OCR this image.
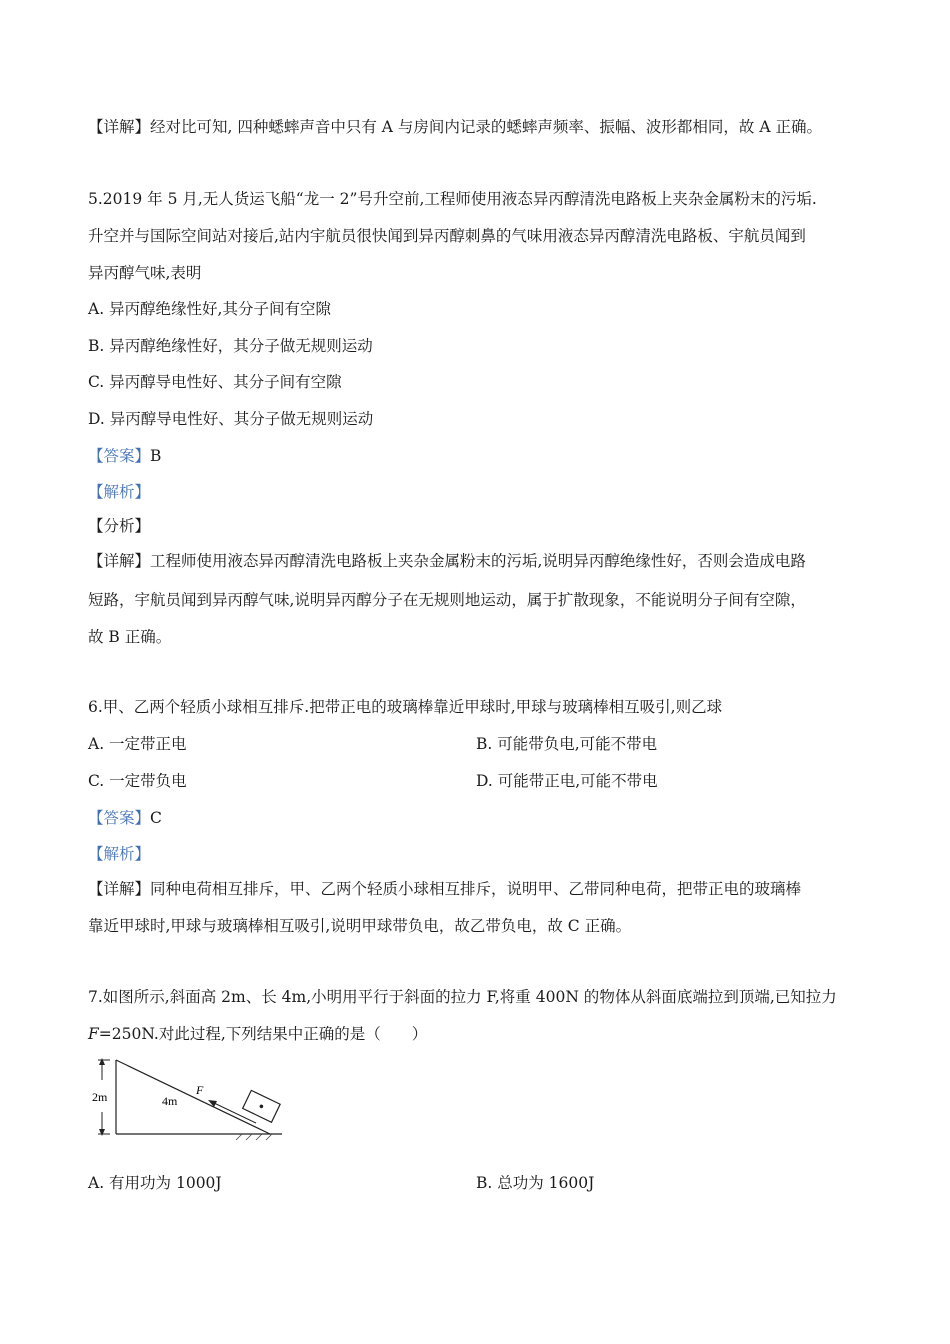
【详解】经对比可知, 四种蟋蟀声音中只有 A 与房间内记录的蟋蟀声频率、振幅、波形都相同，故 A 正确。
5.2019 年 5 月,无人货运飞船“龙一 2”号升空前,工程师使用液态异丙醇清洗电路板上夹杂金属粉末的污垢.
升空并与国际空间站对接后,站内宇航员很快闻到异丙醇刺鼻的气味用液态异丙醇清洗电路板、宇航员闻到
异丙醇气味,表明
A. 异丙醇绝缘性好,其分子间有空隙
B. 异丙醇绝缘性好，其分子做无规则运动
C. 异丙醇导电性好、其分子间有空隙
D. 异丙醇导电性好、其分子做无规则运动
【答案】B
【解析】
【分析】
【详解】工程师使用液态异丙醇清洗电路板上夹杂金属粉末的污垢,说明异丙醇绝缘性好，否则会造成电路
短路，宇航员闻到异丙醇气味,说明异丙醇分子在无规则地运动，属于扩散现象，不能说明分子间有空隙，
故 B 正确。
6.甲、乙两个轻质小球相互排斥.把带正电的玻璃棒靠近甲球时,甲球与玻璃棒相互吸引,则乙球
A. 一定带正电	B. 可能带负电,可能不带电
C. 一定带负电	D. 可能带正电,可能不带电
【答案】C
【解析】
【详解】同种电荷相互排斥，甲、乙两个轻质小球相互排斥，说明甲、乙带同种电荷，把带正电的玻璃棒
靠近甲球时,甲球与玻璃棒相互吸引,说明甲球带负电，故乙带负电，故 C 正确。
7.如图所示,斜面高 2m、长 4m,小明用平行于斜面的拉力 F,将重 400N 的物体从斜面底端拉到顶端,已知拉力
F=250N.对此过程,下列结果中正确的是（　　）
2m	4m
F
A. 有用功为 1000J	B. 总功为 1600J
